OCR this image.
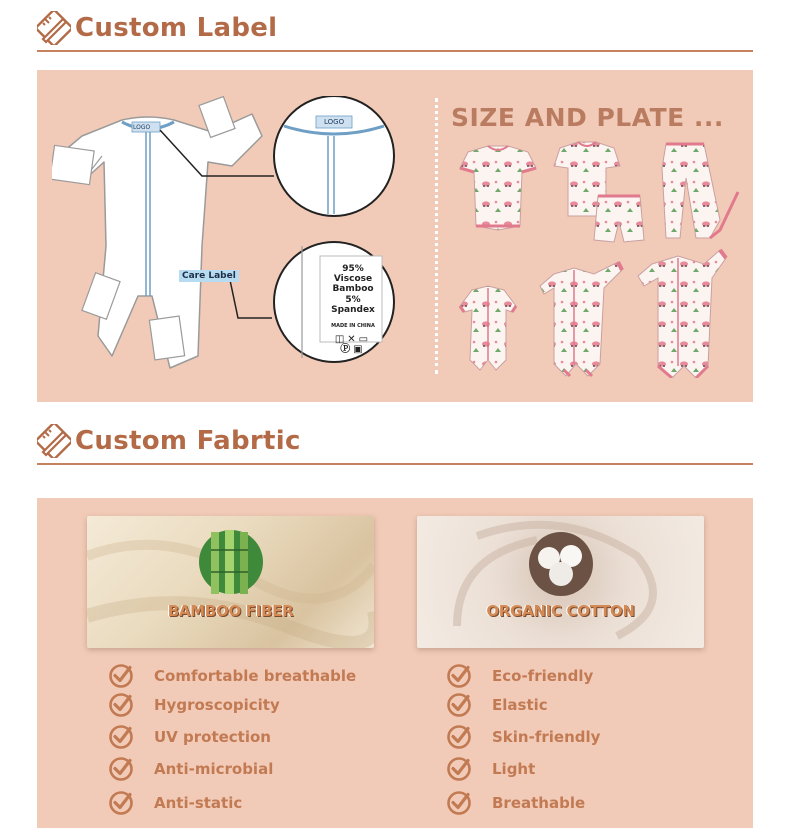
Custom Label
LOGO
LOGO
Care Label
95% Viscose
Bamboo
5% Spandex
MADE IN CHINA
◫✕▭
Ⓟ▣
SIZE AND PLATE ...
Custom Fabrtic
BAMBOO FIBER	ORGANIC COTTON
Comfortable breathable
Hygroscopicity
UV protection
Anti-microbial
Anti-static
Eco-friendly
Elastic
Skin-friendly
Light
Breathable
